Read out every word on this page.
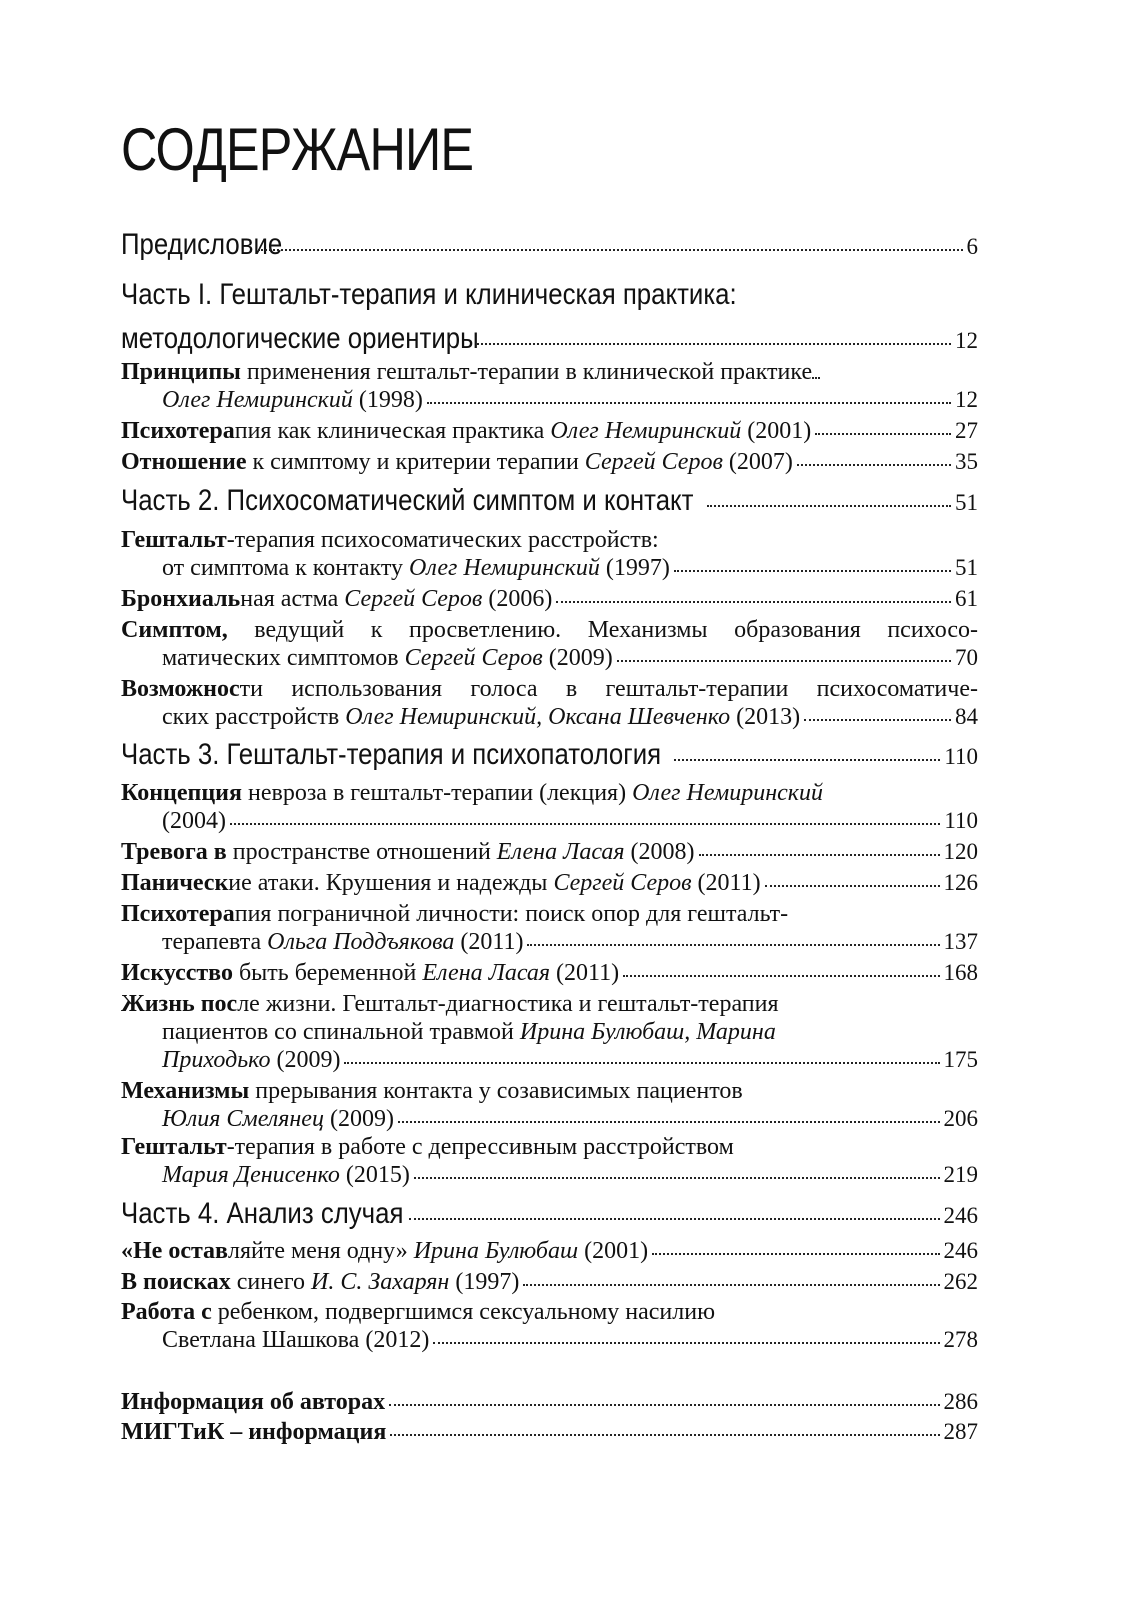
СОДЕРЖАНИЕ
Предисловие	6
Часть I. Гештальт-терапия и клиническая практика:
методологические ориентиры	12
Принципы применения гештальт-терапии в клинической практике
Олег Немиринский (1998)	12
Психотерапия как клиническая практика Олег Немиринский (2001)	27
Отношение к симптому и критерии терапии Сергей Серов (2007)	35
Часть 2. Психосоматический симптом и контакт	51
Гештальт-терапия психосоматических расстройств:
от симптома к контакту Олег Немиринский (1997)	51
Бронхиальная астма Сергей Серов (2006)	61
Симптом, ведущий к просветлению. Механизмы образования психосо-
матических симптомов Сергей Серов (2009)	70
Возможности использования голоса в гештальт-терапии психосоматиче-
ских расстройств Олег Немиринский, Оксана Шевченко (2013)	84
Часть 3. Гештальт-терапия и психопатология	110
Концепция невроза в гештальт-терапии (лекция) Олег Немиринский
(2004)	110
Тревога в пространстве отношений Елена Ласая (2008)	120
Панические атаки. Крушения и надежды Сергей Серов (2011)	126
Психотерапия пограничной личности: поиск опор для гештальт-
терапевта Ольга Поддъякова (2011)	137
Искусство быть беременной Елена Ласая (2011)	168
Жизнь после жизни. Гештальт-диагностика и гештальт-терапия
пациентов со спинальной травмой Ирина Булюбаш, Марина
Приходько (2009)	175
Механизмы прерывания контакта у созависимых пациентов
Юлия Смелянец (2009)	206
Гештальт-терапия в работе с депрессивным расстройством
Мария Денисенко (2015)	219
Часть 4. Анализ случая	246
«Не оставляйте меня одну» Ирина Булюбаш (2001)	246
В поисках синего И. С. Захарян (1997)	262
Работа с ребенком, подвергшимся сексуальному насилию
Светлана Шашкова (2012)	278
Информация об авторах	286
МИГТиК – информация	287
